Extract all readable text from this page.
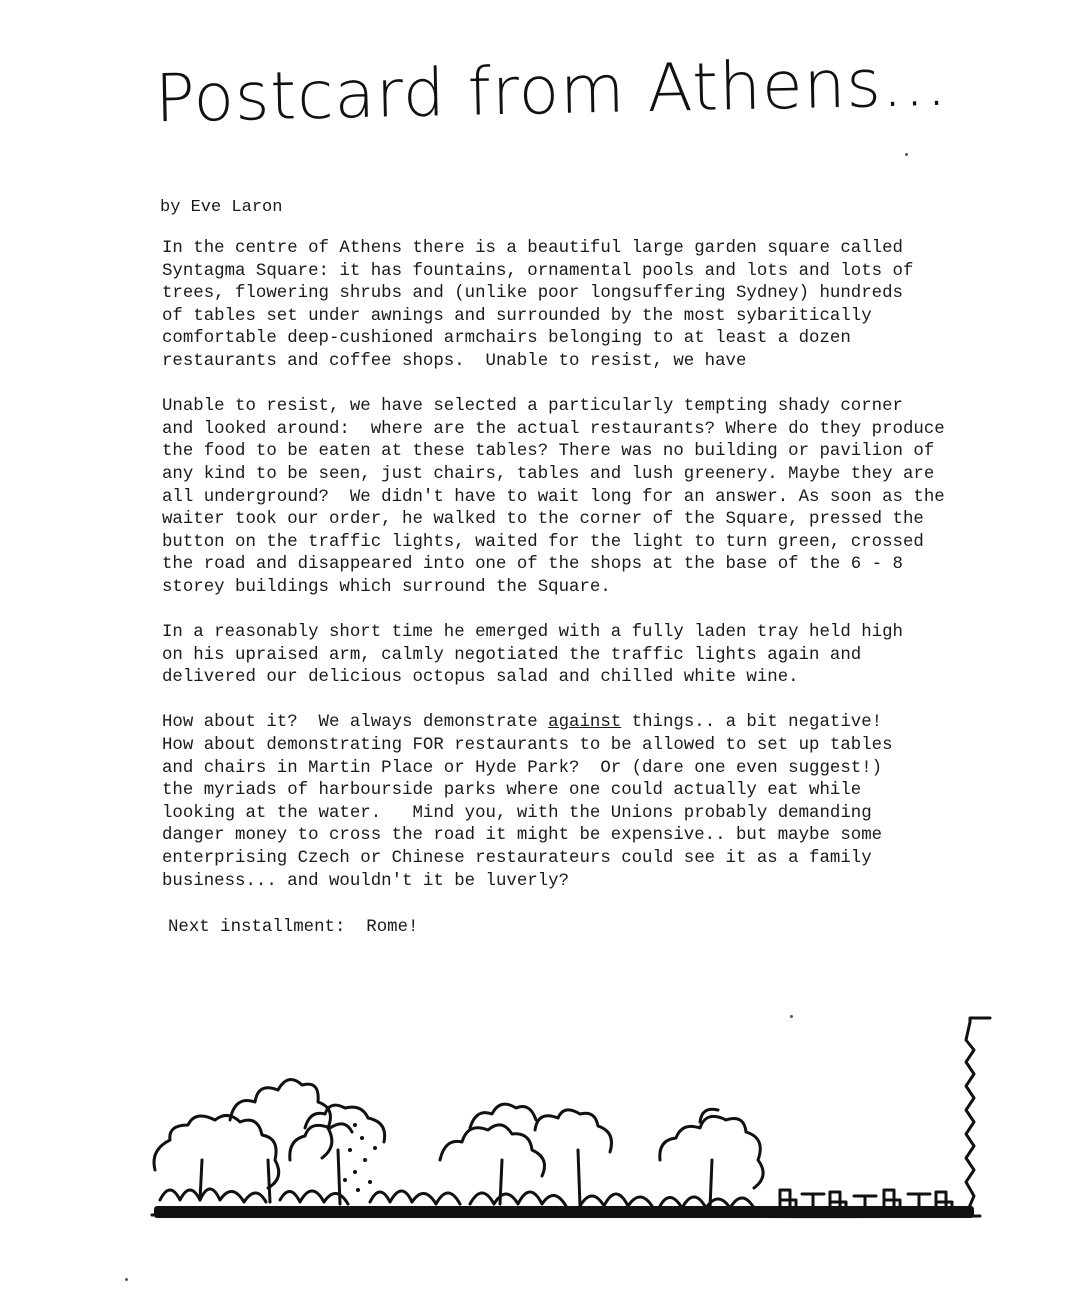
Postcard from Athens...
by Eve Laron
In the centre of Athens there is a beautiful large garden square called
Syntagma Square: it has fountains, ornamental pools and lots and lots of
trees, flowering shrubs and (unlike poor longsuffering Sydney) hundreds
of tables set under awnings and surrounded by the most sybaritically
comfortable deep-cushioned armchairs belonging to at least a dozen
restaurants and coffee shops.  Unable to resist, we have
Unable to resist, we have selected a particularly tempting shady corner
and looked around:  where are the actual restaurants? Where do they produce
the food to be eaten at these tables? There was no building or pavilion of
any kind to be seen, just chairs, tables and lush greenery. Maybe they are
all underground?  We didn't have to wait long for an answer. As soon as the
waiter took our order, he walked to the corner of the Square, pressed the
button on the traffic lights, waited for the light to turn green, crossed
the road and disappeared into one of the shops at the base of the 6 - 8
storey buildings which surround the Square.
In a reasonably short time he emerged with a fully laden tray held high
on his upraised arm, calmly negotiated the traffic lights again and
delivered our delicious octopus salad and chilled white wine.
How about it?  We always demonstrate against things.. a bit negative!
How about demonstrating FOR restaurants to be allowed to set up tables
and chairs in Martin Place or Hyde Park?  Or (dare one even suggest!)
the myriads of harbourside parks where one could actually eat while
looking at the water.   Mind you, with the Unions probably demanding
danger money to cross the road it might be expensive.. but maybe some
enterprising Czech or Chinese restaurateurs could see it as a family
business... and wouldn't it be luverly?
Next installment:  Rome!
